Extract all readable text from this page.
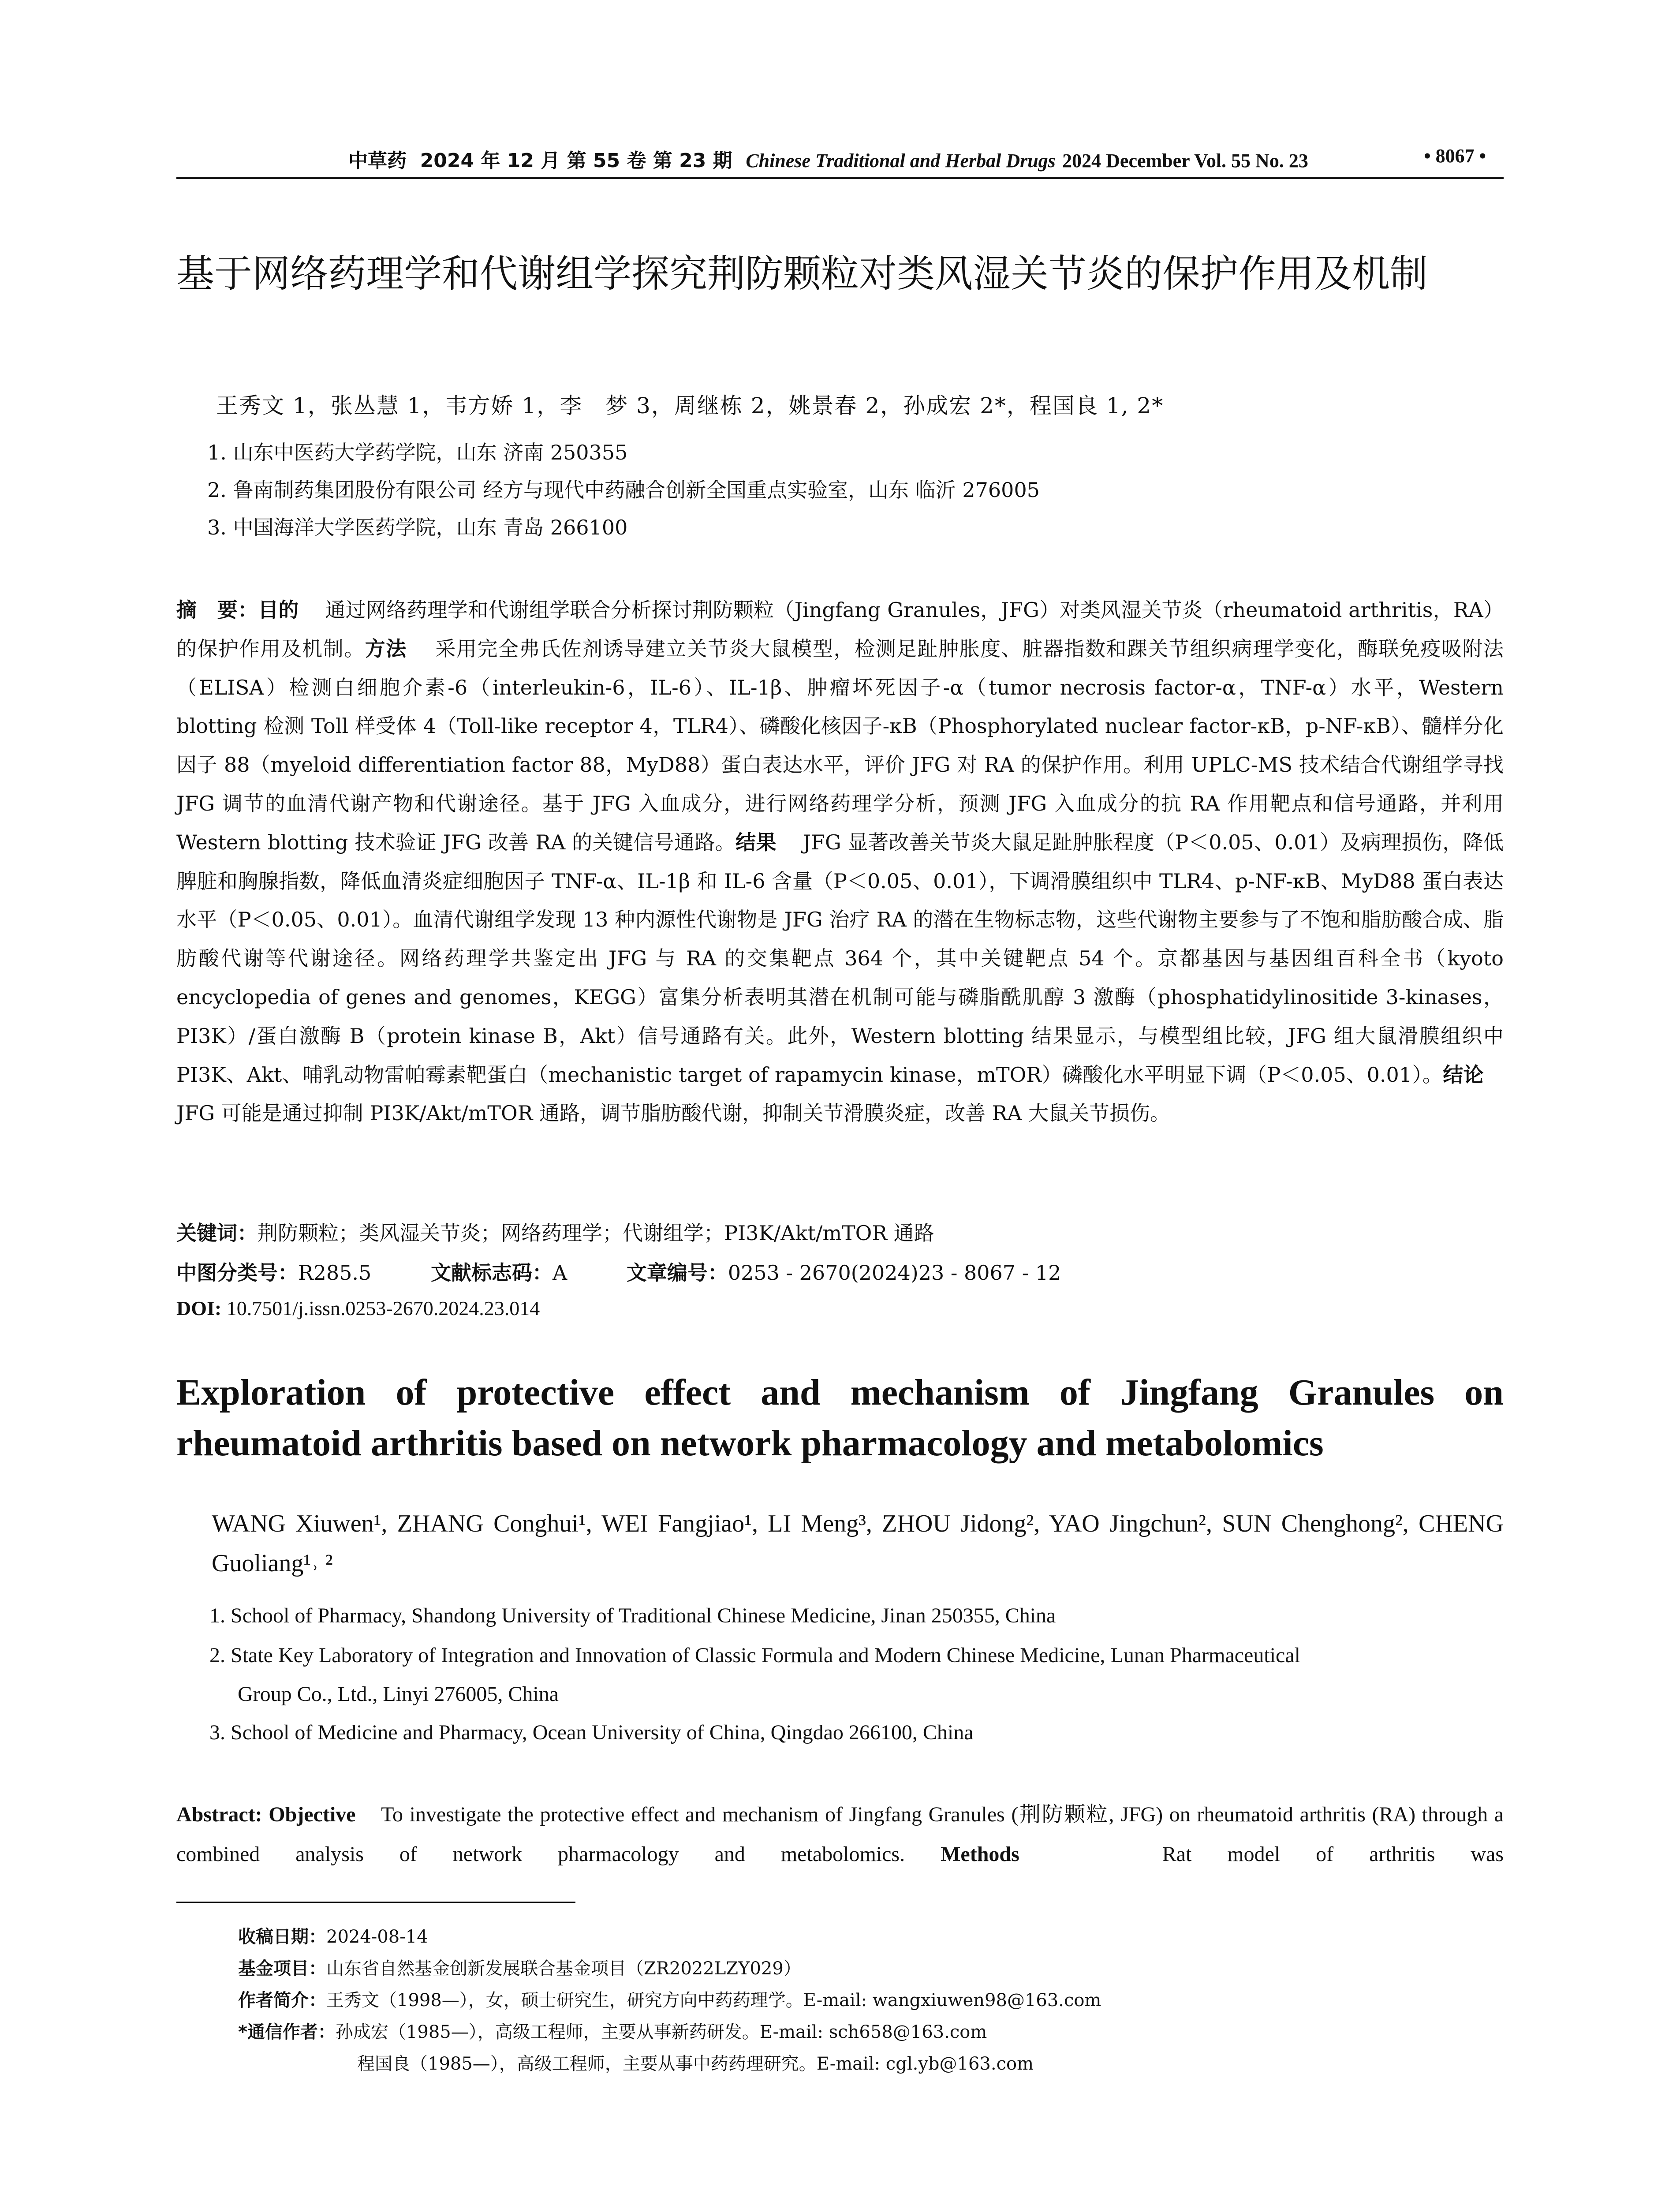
中草药 2024 年 12 月 第 55 卷 第 23 期 Chinese Traditional and Herbal Drugs 2024 December Vol. 55 No. 23	• 8067 •
基于网络药理学和代谢组学探究荆防颗粒对类风湿关节炎的保护作用及机制
王秀文 1，张丛慧 1，韦方娇 1，李　梦 3，周继栋 2，姚景春 2，孙成宏 2*，程国良 1, 2*
1. 山东中医药大学药学院，山东 济南 250355
2. 鲁南制药集团股份有限公司 经方与现代中药融合创新全国重点实验室，山东 临沂 276005
3. 中国海洋大学医药学院，山东 青岛 266100
摘　要：目的 通过网络药理学和代谢组学联合分析探讨荆防颗粒（Jingfang Granules，JFG）对类风湿关节炎（rheumatoid arthritis，RA）的保护作用及机制。方法 采用完全弗氏佐剂诱导建立关节炎大鼠模型，检测足趾肿胀度、脏器指数和踝关节组织病理学变化，酶联免疫吸附法（ELISA）检测白细胞介素-6（interleukin-6，IL-6）、IL-1β、肿瘤坏死因子-α（tumor necrosis factor-α，TNF-α）水平，Western blotting 检测 Toll 样受体 4（Toll-like receptor 4，TLR4）、磷酸化核因子-κB（Phosphorylated nuclear factor-κB，p-NF-κB）、髓样分化因子 88（myeloid differentiation factor 88，MyD88）蛋白表达水平，评价 JFG 对 RA 的保护作用。利用 UPLC-MS 技术结合代谢组学寻找 JFG 调节的血清代谢产物和代谢途径。基于 JFG 入血成分，进行网络药理学分析，预测 JFG 入血成分的抗 RA 作用靶点和信号通路，并利用 Western blotting 技术验证 JFG 改善 RA 的关键信号通路。结果 JFG 显著改善关节炎大鼠足趾肿胀程度（P＜0.05、0.01）及病理损伤，降低脾脏和胸腺指数，降低血清炎症细胞因子 TNF-α、IL-1β 和 IL-6 含量（P＜0.05、0.01），下调滑膜组织中 TLR4、p-NF-κB、MyD88 蛋白表达水平（P＜0.05、0.01）。血清代谢组学发现 13 种内源性代谢物是 JFG 治疗 RA 的潜在生物标志物，这些代谢物主要参与了不饱和脂肪酸合成、脂肪酸代谢等代谢途径。网络药理学共鉴定出 JFG 与 RA 的交集靶点 364 个，其中关键靶点 54 个。京都基因与基因组百科全书（kyoto encyclopedia of genes and genomes，KEGG）富集分析表明其潜在机制可能与磷脂酰肌醇 3 激酶（phosphatidylinositide 3-kinases，PI3K）/蛋白激酶 B（protein kinase B，Akt）信号通路有关。此外，Western blotting 结果显示，与模型组比较，JFG 组大鼠滑膜组织中 PI3K、Akt、哺乳动物雷帕霉素靶蛋白（mechanistic target of rapamycin kinase，mTOR）磷酸化水平明显下调（P＜0.05、0.01）。结论    JFG 可能是通过抑制 PI3K/Akt/mTOR 通路，调节脂肪酸代谢，抑制关节滑膜炎症，改善 RA 大鼠关节损伤。
关键词：荆防颗粒；类风湿关节炎；网络药理学；代谢组学；PI3K/Akt/mTOR 通路
中图分类号：R285.5	文献标志码：A	文章编号：0253 - 2670(2024)23 - 8067 - 12
DOI: 10.7501/j.issn.0253-2670.2024.23.014
Exploration of protective effect and mechanism of Jingfang Granules on rheumatoid arthritis based on network pharmacology and metabolomics
WANG Xiuwen¹, ZHANG Conghui¹, WEI Fangjiao¹, LI Meng³, ZHOU Jidong², YAO Jingchun², SUN Chenghong², CHENG Guoliang¹˒ ²
1. School of Pharmacy, Shandong University of Traditional Chinese Medicine, Jinan 250355, China
2. State Key Laboratory of Integration and Innovation of Classic Formula and Modern Chinese Medicine, Lunan Pharmaceutical
Group Co., Ltd., Linyi 276005, China
3. School of Medicine and Pharmacy, Ocean University of China, Qingdao 266100, China
Abstract: Objective To investigate the protective effect and mechanism of Jingfang Granules (荆防颗粒, JFG) on rheumatoid arthritis (RA) through a combined analysis of network pharmacology and metabolomics. Methods	Rat model of arthritis was
收稿日期：2024-08-14
基金项目：山东省自然基金创新发展联合基金项目（ZR2022LZY029）
作者简介：王秀文（1998—），女，硕士研究生，研究方向中药药理学。E-mail: wangxiuwen98@163.com
*通信作者：孙成宏（1985—），高级工程师，主要从事新药研发。E-mail: sch658@163.com
程国良（1985—），高级工程师，主要从事中药药理研究。E-mail: cgl.yb@163.com
